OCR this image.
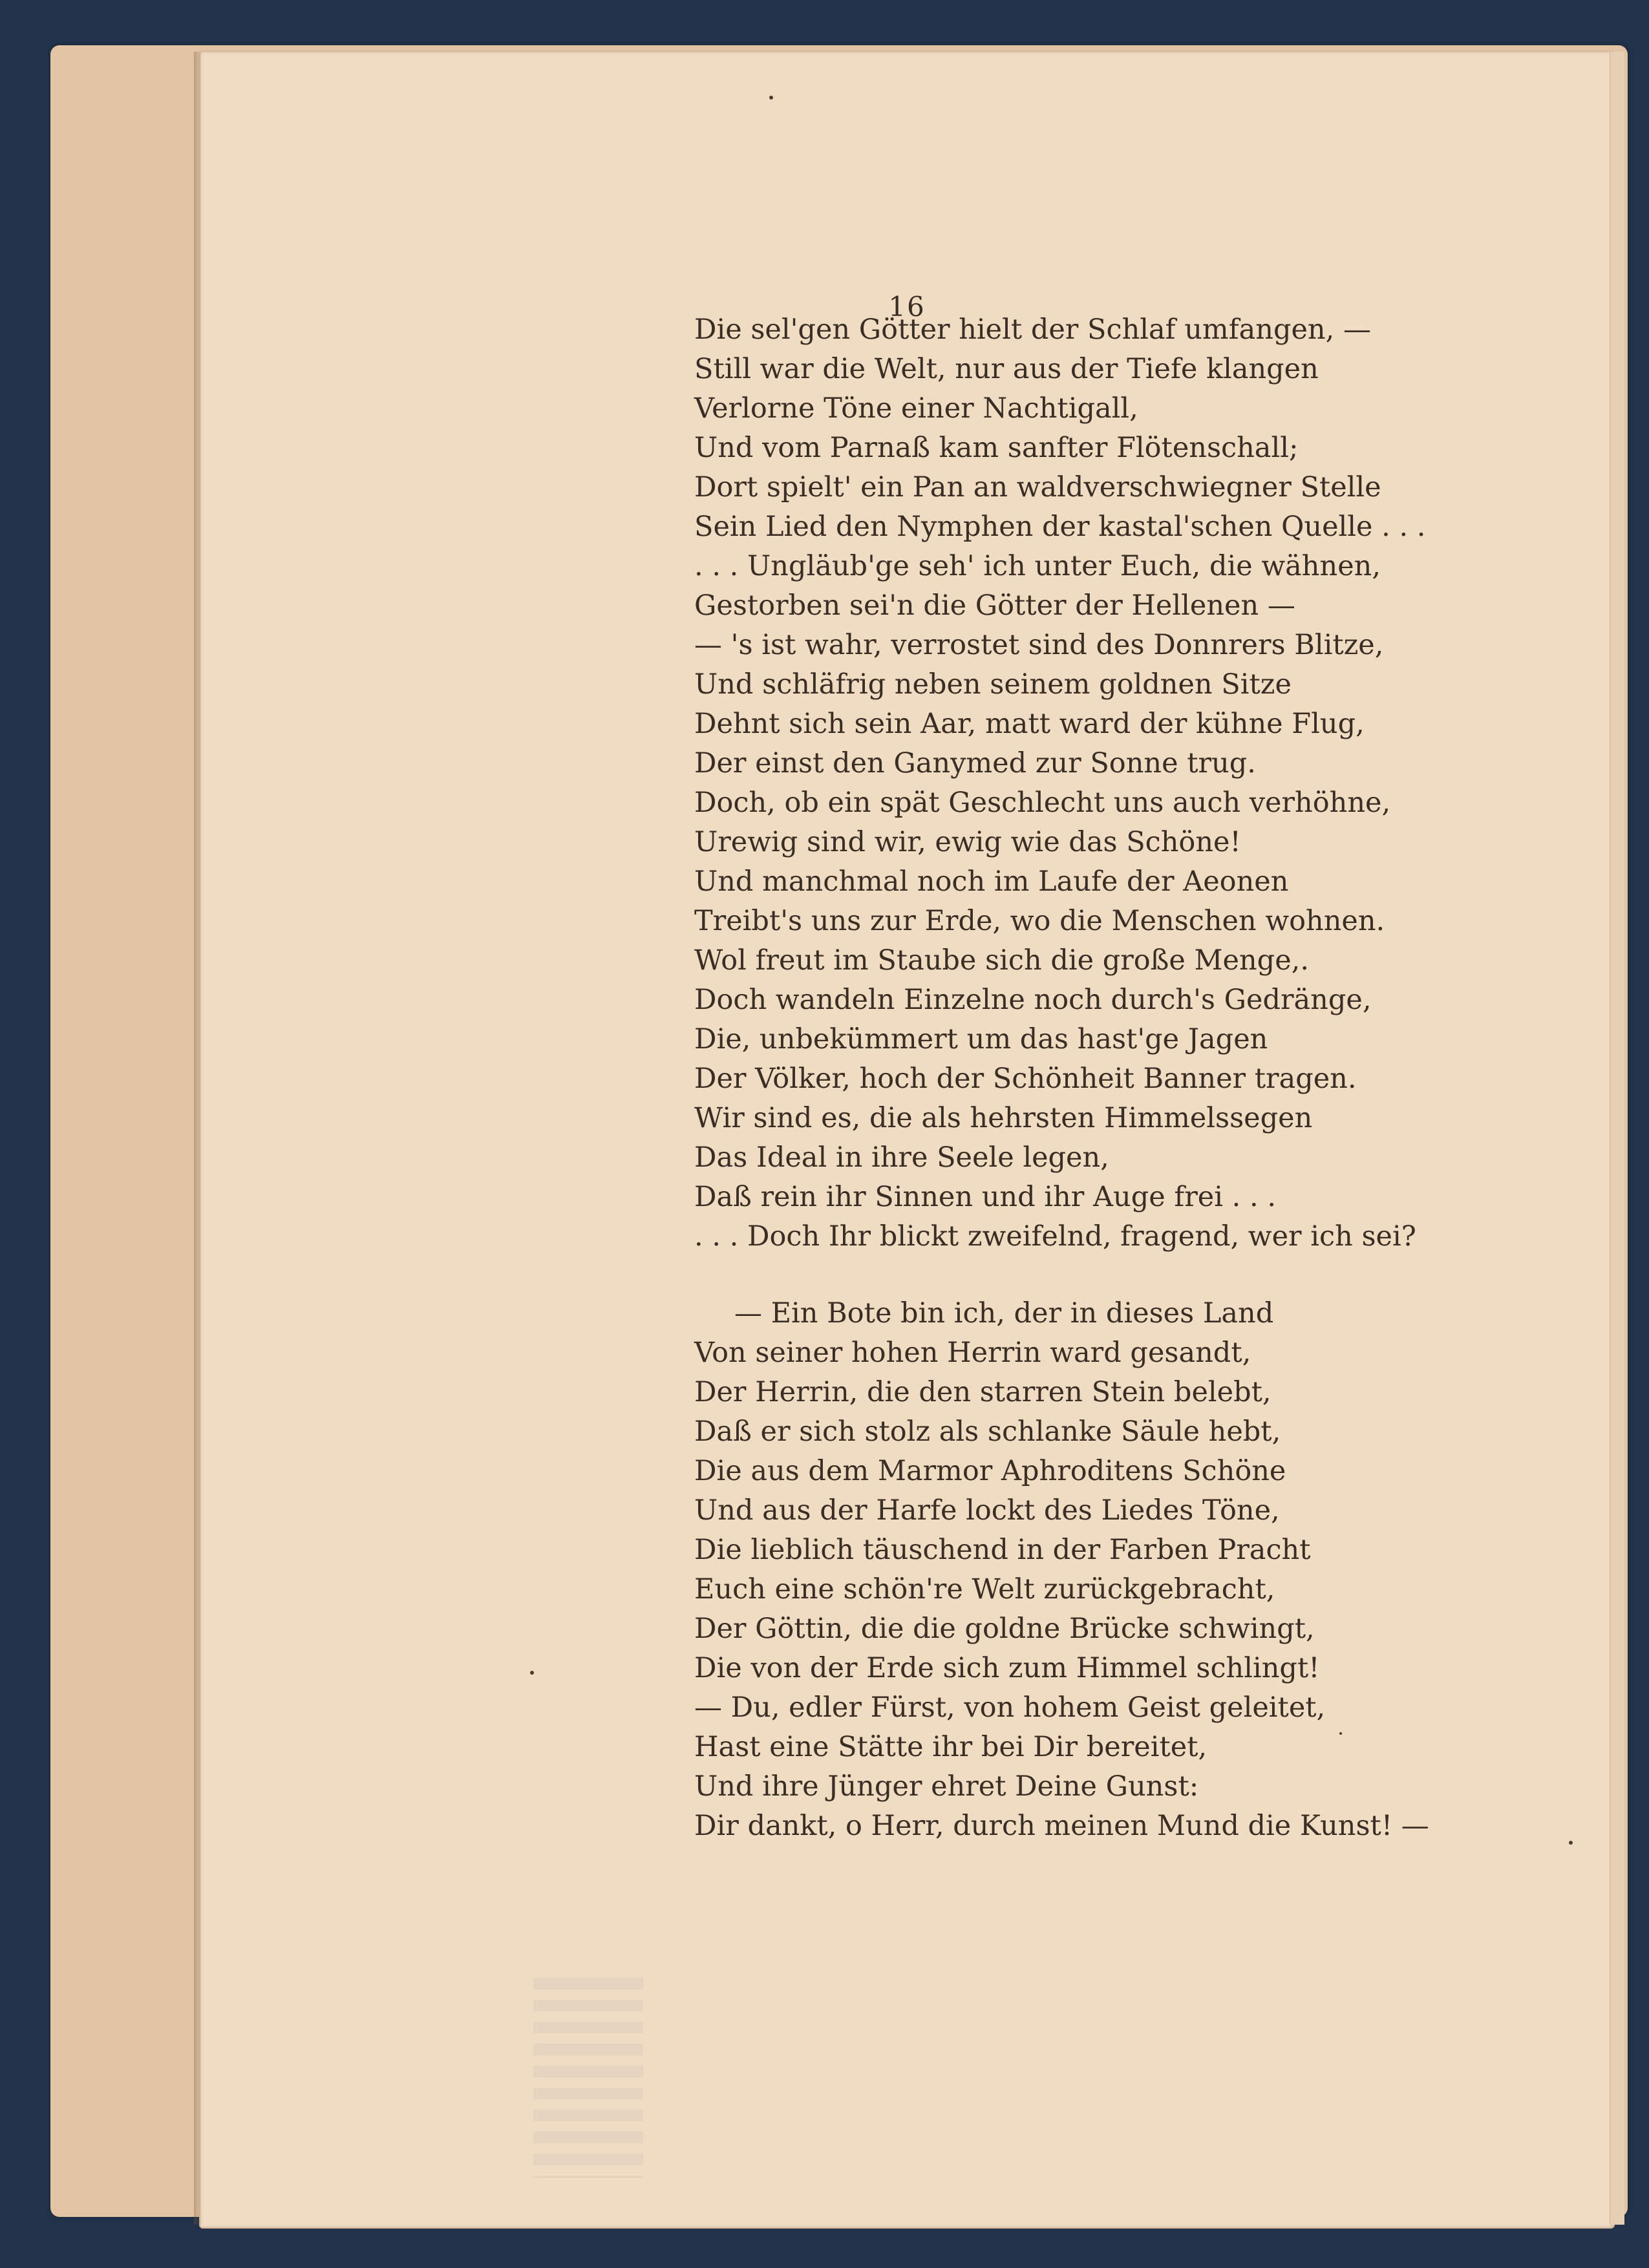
16
Die sel'gen Götter hielt der Schlaf umfangen, —
Still war die Welt, nur aus der Tiefe klangen
Verlorne Töne einer Nachtigall,
Und vom Parnaß kam sanfter Flötenschall;
Dort spielt' ein Pan an waldverschwiegner Stelle
Sein Lied den Nymphen der kastal'schen Quelle . . .
. . . Ungläub'ge seh' ich unter Euch, die wähnen,
Gestorben sei'n die Götter der Hellenen —
— 's ist wahr, verrostet sind des Donnrers Blitze,
Und schläfrig neben seinem goldnen Sitze
Dehnt sich sein Aar, matt ward der kühne Flug,
Der einst den Ganymed zur Sonne trug.
Doch, ob ein spät Geschlecht uns auch verhöhne,
Urewig sind wir, ewig wie das Schöne!
Und manchmal noch im Laufe der Aeonen
Treibt's uns zur Erde, wo die Menschen wohnen.
Wol freut im Staube sich die große Menge,.
Doch wandeln Einzelne noch durch's Gedränge,
Die, unbekümmert um das hast'ge Jagen
Der Völker, hoch der Schönheit Banner tragen.
Wir sind es, die als hehrsten Himmelssegen
Das Ideal in ihre Seele legen,
Daß rein ihr Sinnen und ihr Auge frei . . .
. . . Doch Ihr blickt zweifelnd, fragend, wer ich sei?
— Ein Bote bin ich, der in dieses Land
Von seiner hohen Herrin ward gesandt,
Der Herrin, die den starren Stein belebt,
Daß er sich stolz als schlanke Säule hebt,
Die aus dem Marmor Aphroditens Schöne
Und aus der Harfe lockt des Liedes Töne,
Die lieblich täuschend in der Farben Pracht
Euch eine schön're Welt zurückgebracht,
Der Göttin, die die goldne Brücke schwingt,
Die von der Erde sich zum Himmel schlingt!
— Du, edler Fürst, von hohem Geist geleitet,
Hast eine Stätte ihr bei Dir bereitet,
Und ihre Jünger ehret Deine Gunst:
Dir dankt, o Herr, durch meinen Mund die Kunst! —
